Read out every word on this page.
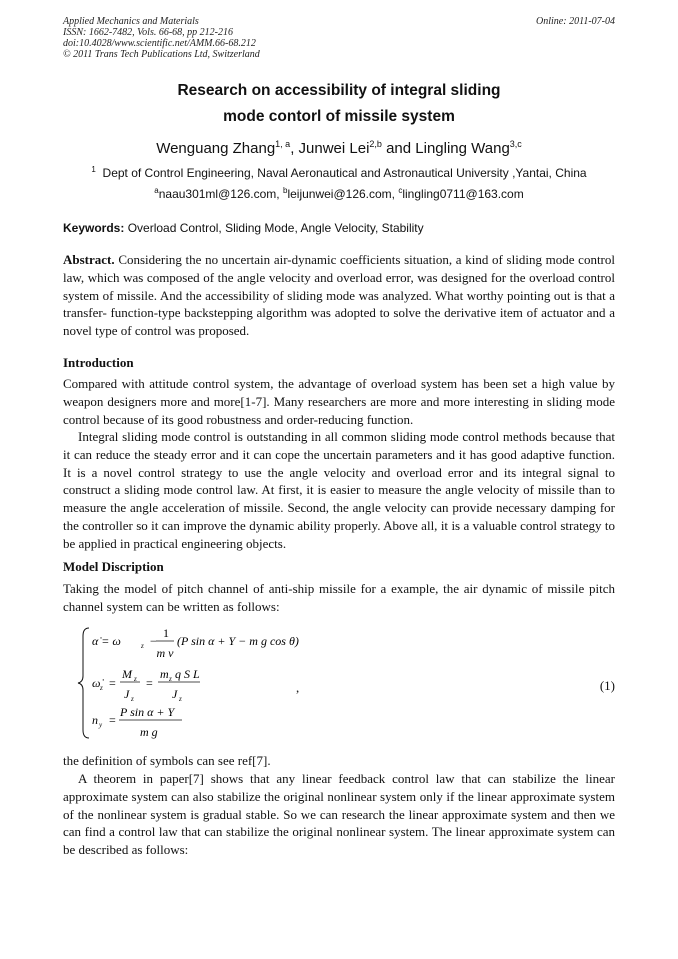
Applied Mechanics and Materials
ISSN: 1662-7482, Vols. 66-68, pp 212-216
doi:10.4028/www.scientific.net/AMM.66-68.212
© 2011 Trans Tech Publications Ltd, Switzerland
Online: 2011-07-04
Research on accessibility of integral sliding
mode contorl of missile system
Wenguang Zhang$^{1, a}$, Junwei Lei$^{2,b}$ and Lingling Wang$^{3,c}$
$^1$ Dept of Control Engineering, Naval Aeronautical and Astronautical University ,Yantai, China
$^a$naau301ml@126.com, $^b$leijunwei@126.com, $^c$lingling0711@163.com
Keywords: Overload Control, Sliding Mode, Angle Velocity, Stability
Abstract. Considering the no uncertain air-dynamic coefficients situation, a kind of sliding mode control law, which was composed of the angle velocity and overload error, was designed for the overload control system of missile. And the accessibility of sliding mode was analyzed. What worthy pointing out is that a transfer- function-type backstepping algorithm was adopted to solve the derivative item of actuator and a novel type of control was proposed.
Introduction
Compared with attitude control system, the advantage of overload system has been set a high value by weapon designers more and more[1-7]. Many researchers are more and more interesting in sliding mode control because of its good robustness and order-reducing function.
Integral sliding mode control is outstanding in all common sliding mode control methods because that it can reduce the steady error and it can cope the uncertain parameters and it has good adaptive function. It is a novel control strategy to use the angle velocity and overload error and its integral signal to construct a sliding mode control law. At first, it is easier to measure the angle velocity of missile than to measure the angle acceleration of missile. Second, the angle velocity can provide necessary damping for the controller so it can improve the dynamic ability properly. Above all, it is a valuable control strategy to be applied in practical engineering objects.
Model Discription
Taking the model of pitch channel of anti-ship missile for a example, the air dynamic of missile pitch channel system can be written as follows:
α̇ = ω	z −
1
m v
(P sin α + Y − m g cos θ)
ω̇ z =
M z
J z
=
m z q S L
J z
n y =
P sin α + Y
m g
,	(1)
the definition of symbols can see ref[7].
A theorem in paper[7] shows that any linear feedback control law that can stabilize the linear approximate system can also stabilize the original nonlinear system only if the linear approximate system of the nonlinear system is gradual stable. So we can research the linear approximate system and then we can find a control law that can stabilize the original nonlinear system. The linear approximate system can be described as follows:
